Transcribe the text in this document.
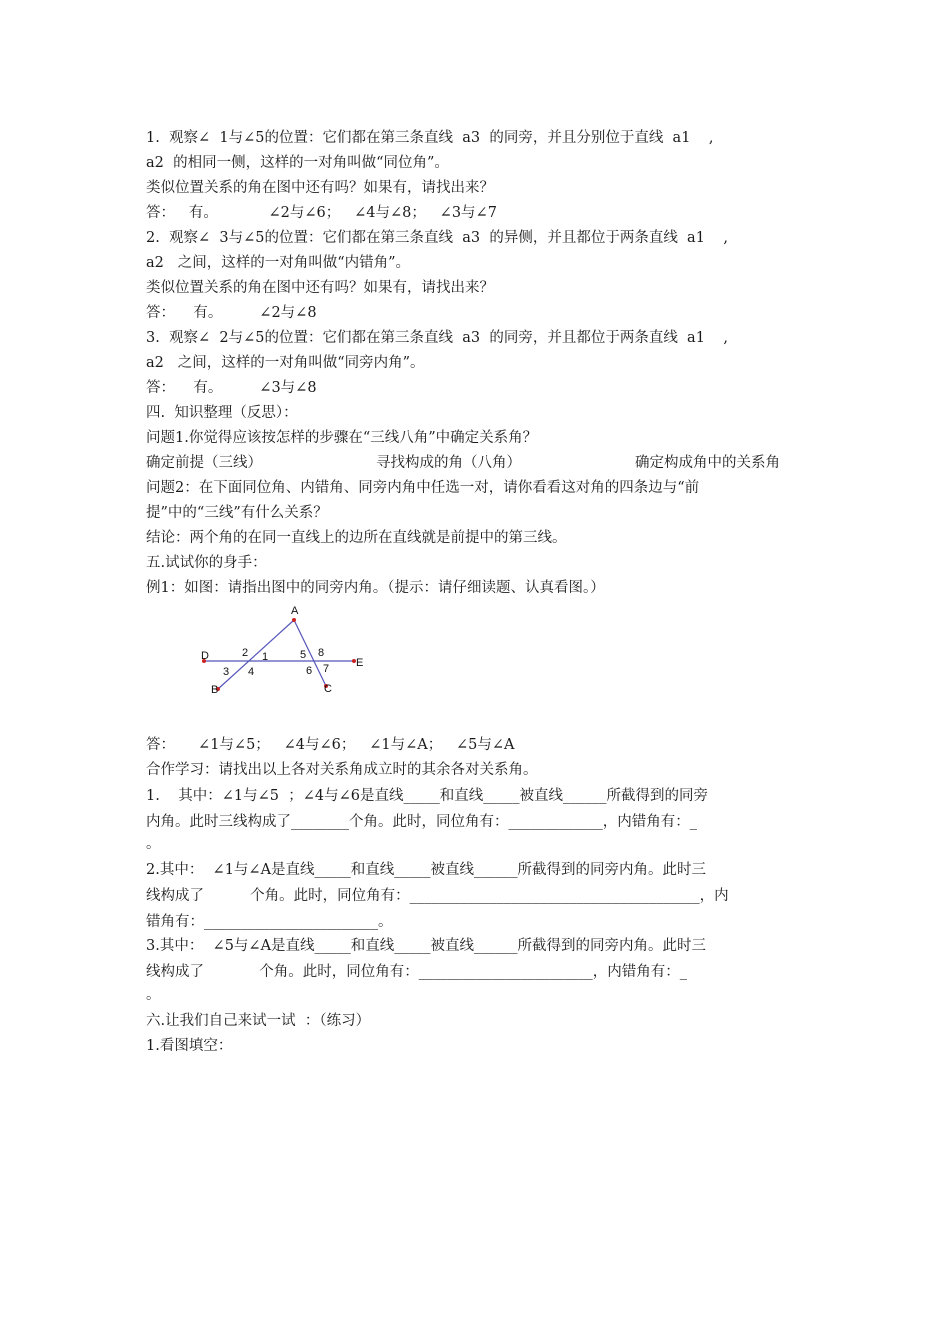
1.  观察∠  1与∠5的位置：它们都在第三条直线  a3  的同旁，并且分别位于直线  a1    ,
a2  的相同一侧，这样的一对角叫做“同位角”。
类似位置关系的角在图中还有吗？如果有，请找出来？
答：   有。           ∠2与∠6；   ∠4与∠8；   ∠3与∠7
2.  观察∠  3与∠5的位置：它们都在第三条直线  a3  的异侧，并且都位于两条直线  a1    ,
a2   之间，这样的一对角叫做“内错角”。
类似位置关系的角在图中还有吗？如果有，请找出来？
答：    有。        ∠2与∠8
3.  观察∠  2与∠5的位置：它们都在第三条直线  a3  的同旁，并且都位于两条直线  a1    ,
a2   之间，这样的一对角叫做“同旁内角”。
答：    有。        ∠3与∠8
四.  知识整理（反思）：
问题1.你觉得应该按怎样的步骤在“三线八角”中确定关系角？
确定前提（三线）	寻找构成的角（八角）	确定构成角中的关系角
问题2：在下面同位角、内错角、同旁内角中任选一对，请你看看这对角的四条边与“前
提”中的“三线”有什么关系？
结论：两个角的在同一直线上的边所在直线就是前提中的第三线。
五.试试你的身手：
例1：如图：请指出图中的同旁内角。（提示：请仔细读题、认真看图。）
A
D
E
B	C
1
2
3 4
5
6 7
8
答：     ∠1与∠5；   ∠4与∠6；   ∠1与∠A；   ∠5与∠A
合作学习：请找出以上各对关系角成立时的其余各对关系角。
1.    其中：∠1与∠5  ；∠4与∠6是直线_____和直线_____被直线______所截得到的同旁
内角。此时三线构成了________个角。此时，同位角有：_____________，内错角有：_
。
2.其中：  ∠1与∠A是直线_____和直线_____被直线______所截得到的同旁内角。此时三
线构成了          个角。此时，同位角有：________________________________________，内
错角有：________________________。
3.其中：  ∠5与∠A是直线_____和直线_____被直线______所截得到的同旁内角。此时三
线构成了            个角。此时，同位角有：________________________，内错角有：_
。
六.让我们自己来试一试  ：（练习）
1.看图填空：
